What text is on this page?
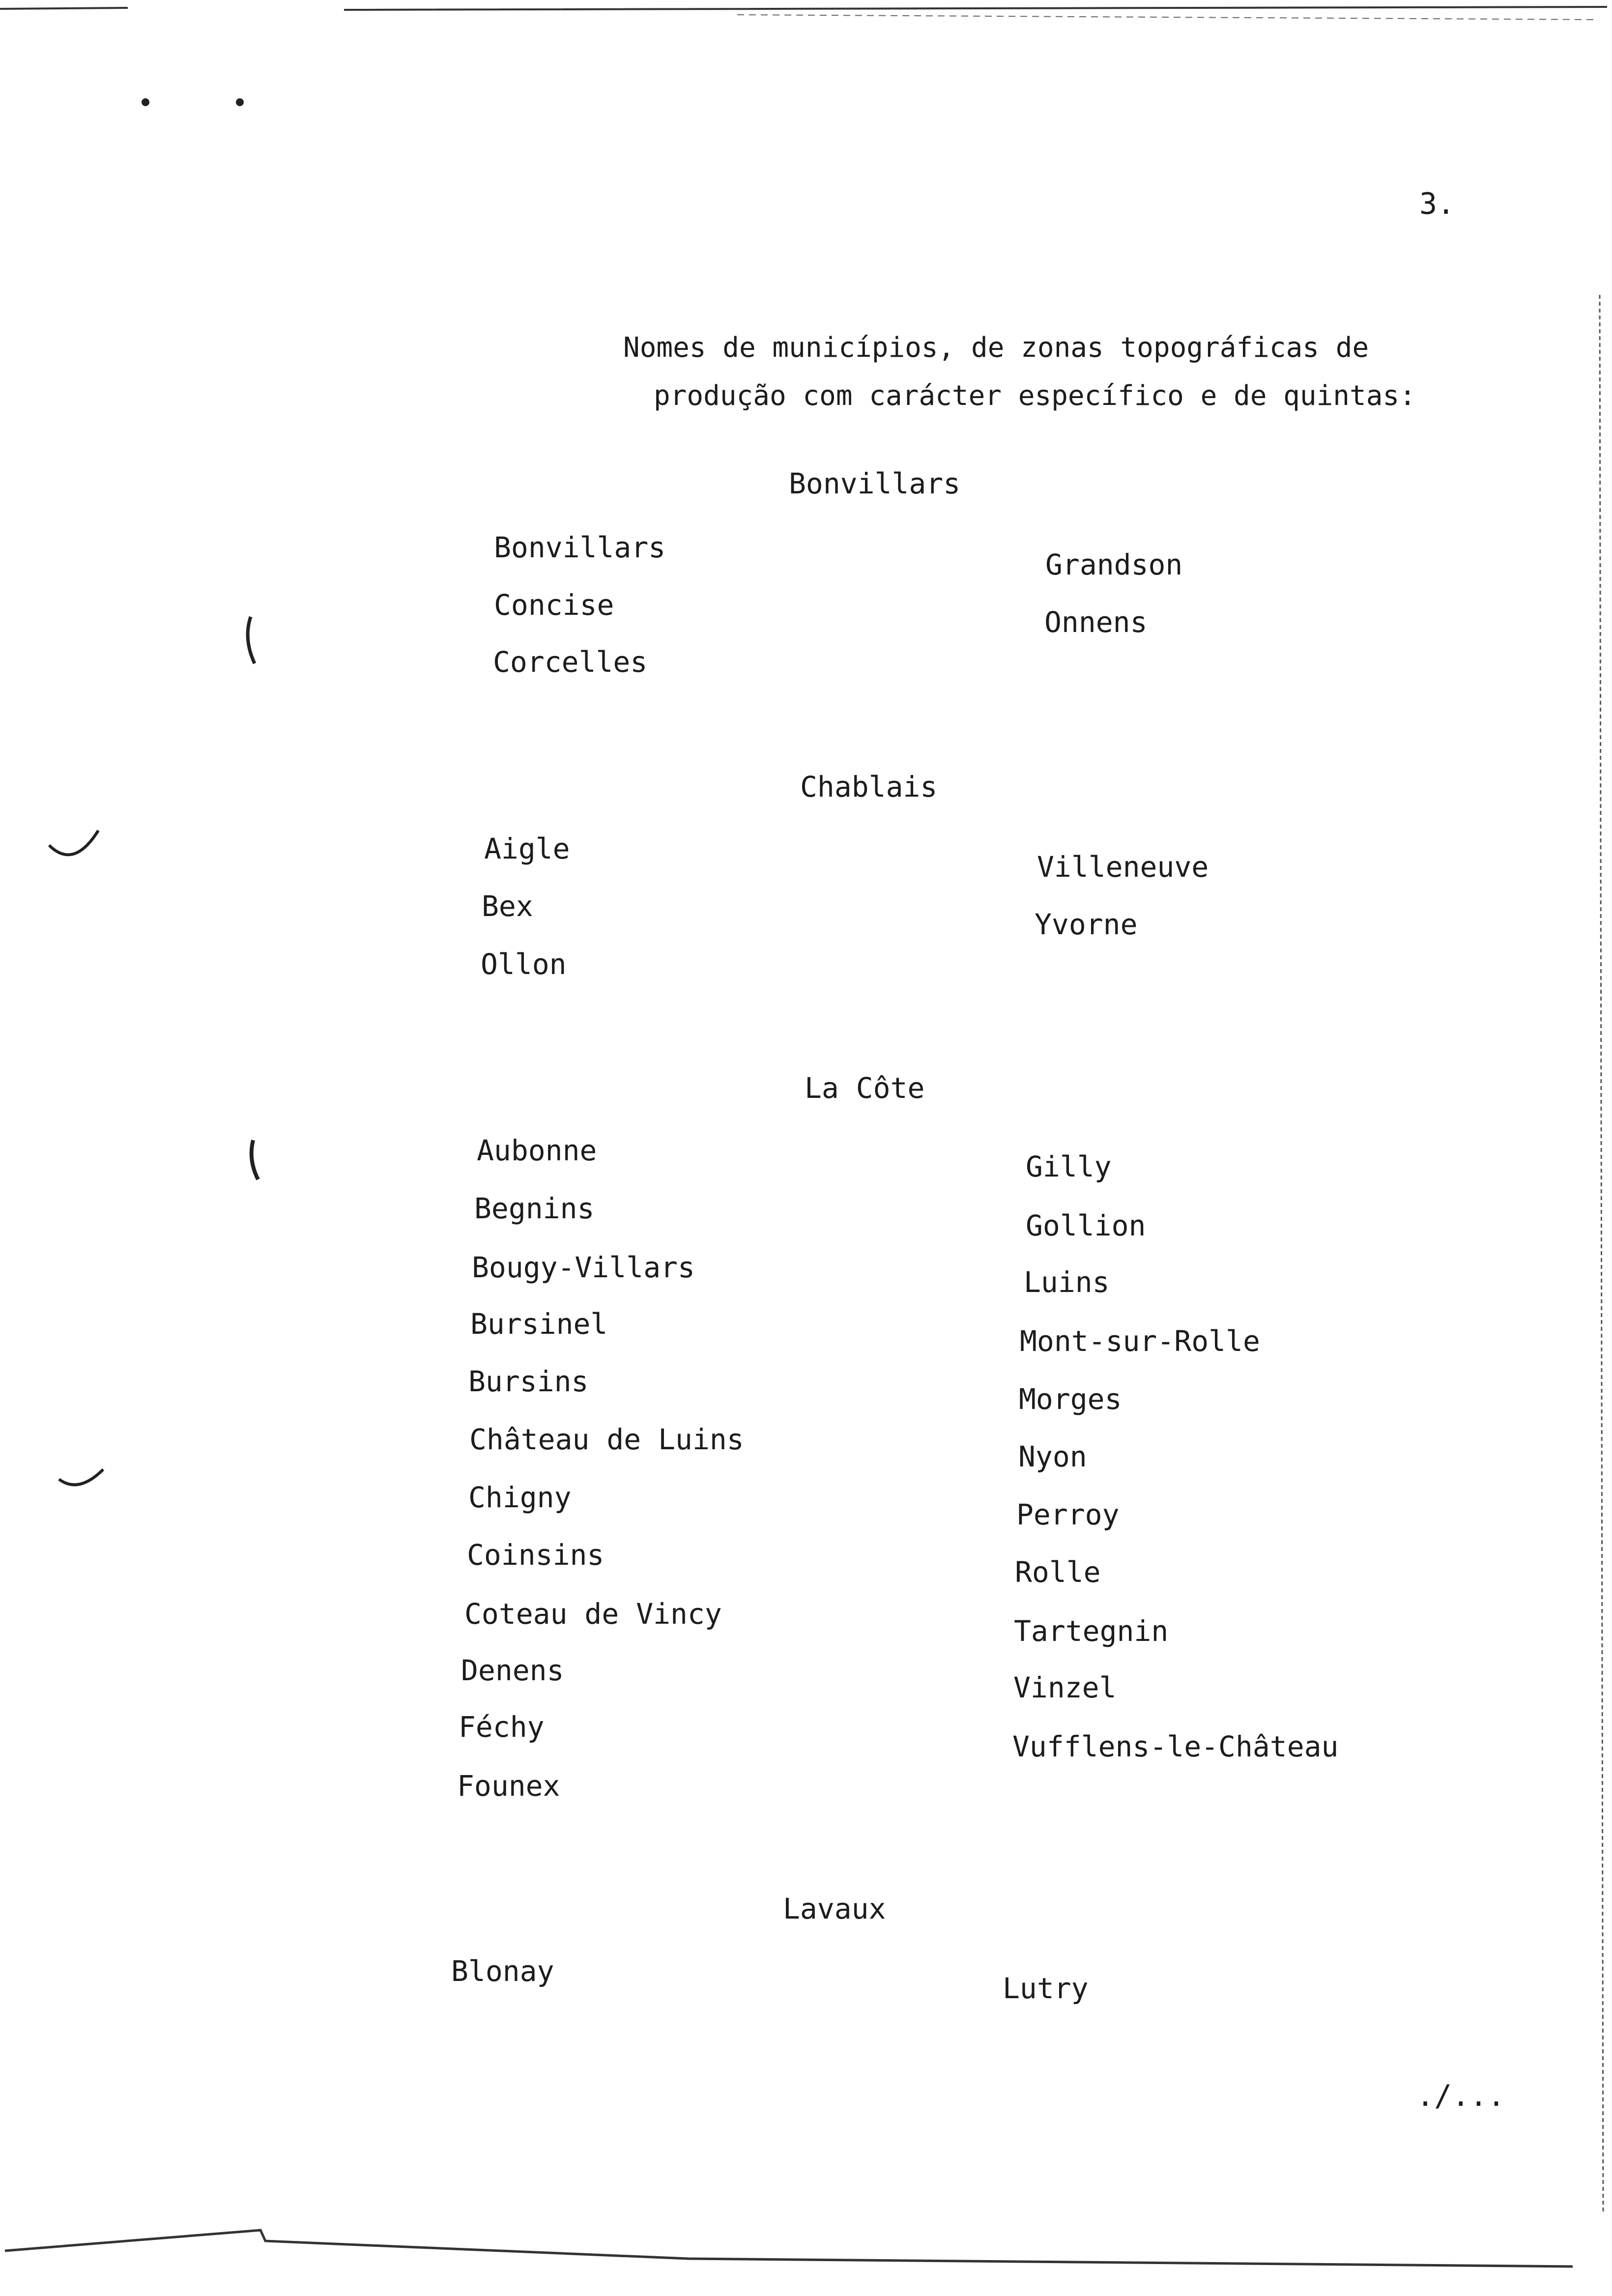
3.
Nomes de municípios, de zonas topográficas de
produção com carácter específico e de quintas:
Bonvillars
Bonvillars
Concise
Corcelles
Grandson
Onnens
Chablais
Aigle
Bex
Ollon
Villeneuve
Yvorne
La Côte
Aubonne
Begnins
Bougy-Villars
Bursinel
Bursins
Château de Luins
Chigny
Coinsins
Coteau de Vincy
Denens
Féchy
Founex
Gilly
Gollion
Luins
Mont-sur-Rolle
Morges
Nyon
Perroy
Rolle
Tartegnin
Vinzel
Vufflens-le-Château
Lavaux
Blonay
Lutry
./...
